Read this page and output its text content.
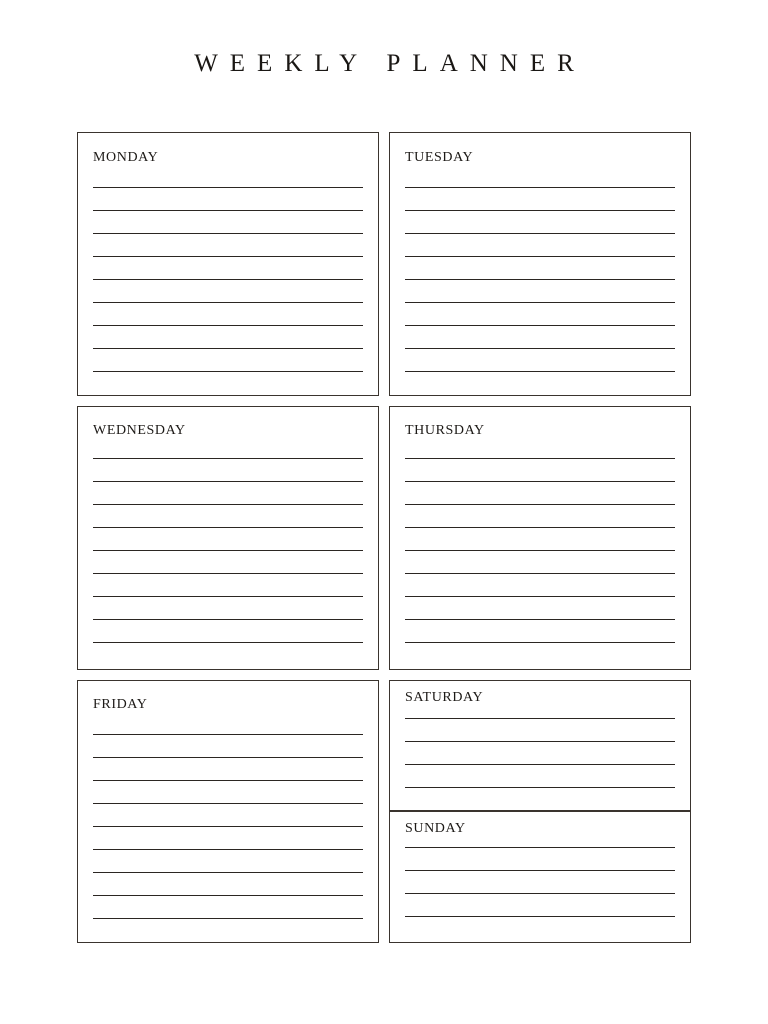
WEEKLY PLANNER
MONDAY	TUESDAY
WEDNESDAY	THURSDAY
FRIDAY	SATURDAY
SUNDAY
